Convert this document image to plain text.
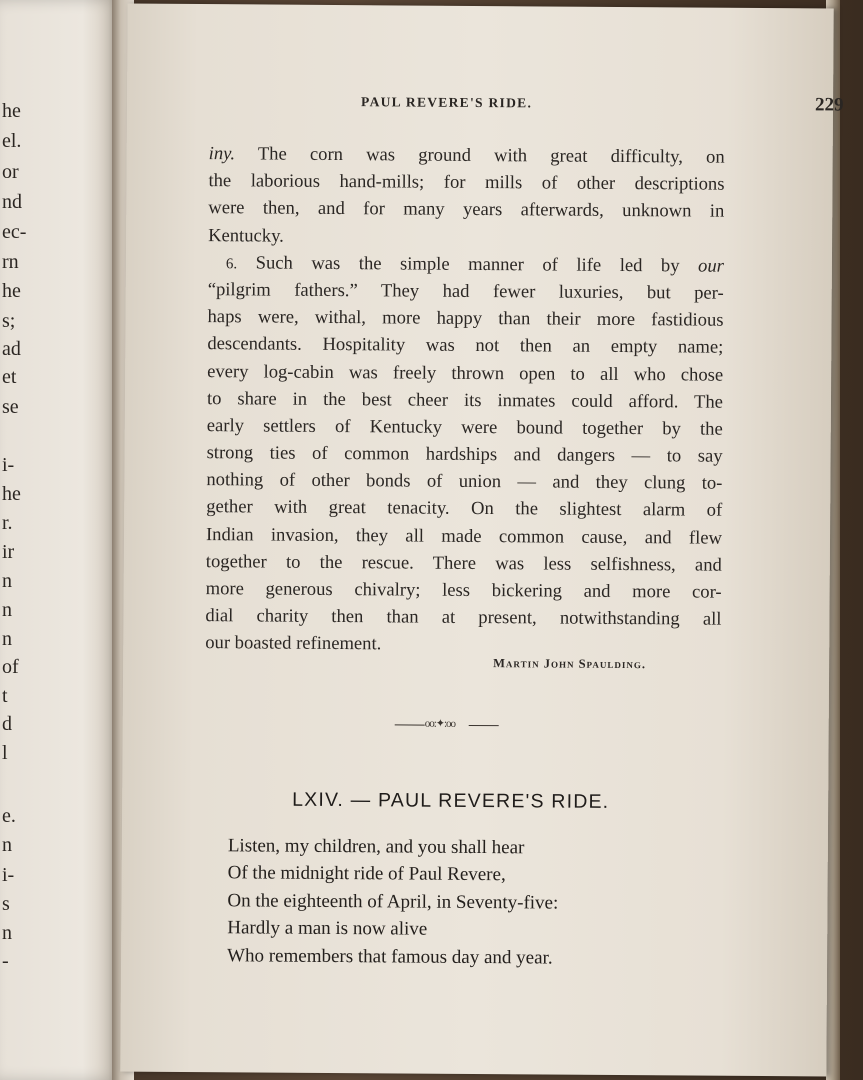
he
el.
or
nd
ec-
rn
he
s;
ad
et
se
i-
he
r.
ir
n
n
n
of
t
d
l
e.
n
i-
s
n
-
PAUL REVERE'S RIDE.	229
iny. The corn was ground with great difficulty, on
the laborious hand-mills; for mills of other descriptions
were then, and for many years afterwards, unknown in
Kentucky.
6. Such was the simple manner of life led by our
“pilgrim fathers.” They had fewer luxuries, but per-
haps were, withal, more happy than their more fastidious
descendants. Hospitality was not then an empty name;
every log-cabin was freely thrown open to all who chose
to share in the best cheer its inmates could afford. The
early settlers of Kentucky were bound together by the
strong ties of common hardships and dangers — to say
nothing of other bonds of union — and they clung to-
gether with great tenacity. On the slightest alarm of
Indian invasion, they all made common cause, and flew
together to the rescue. There was less selfishness, and
more generous chivalry; less bickering and more cor-
dial charity then than at present, notwithstanding all
our boasted refinement.
Martin John Spaulding.
oo:✦:oo
LXIV. — PAUL REVERE'S RIDE.
Listen, my children, and you shall hear
Of the midnight ride of Paul Revere,
On the eighteenth of April, in Seventy-five:
Hardly a man is now alive
Who remembers that famous day and year.
